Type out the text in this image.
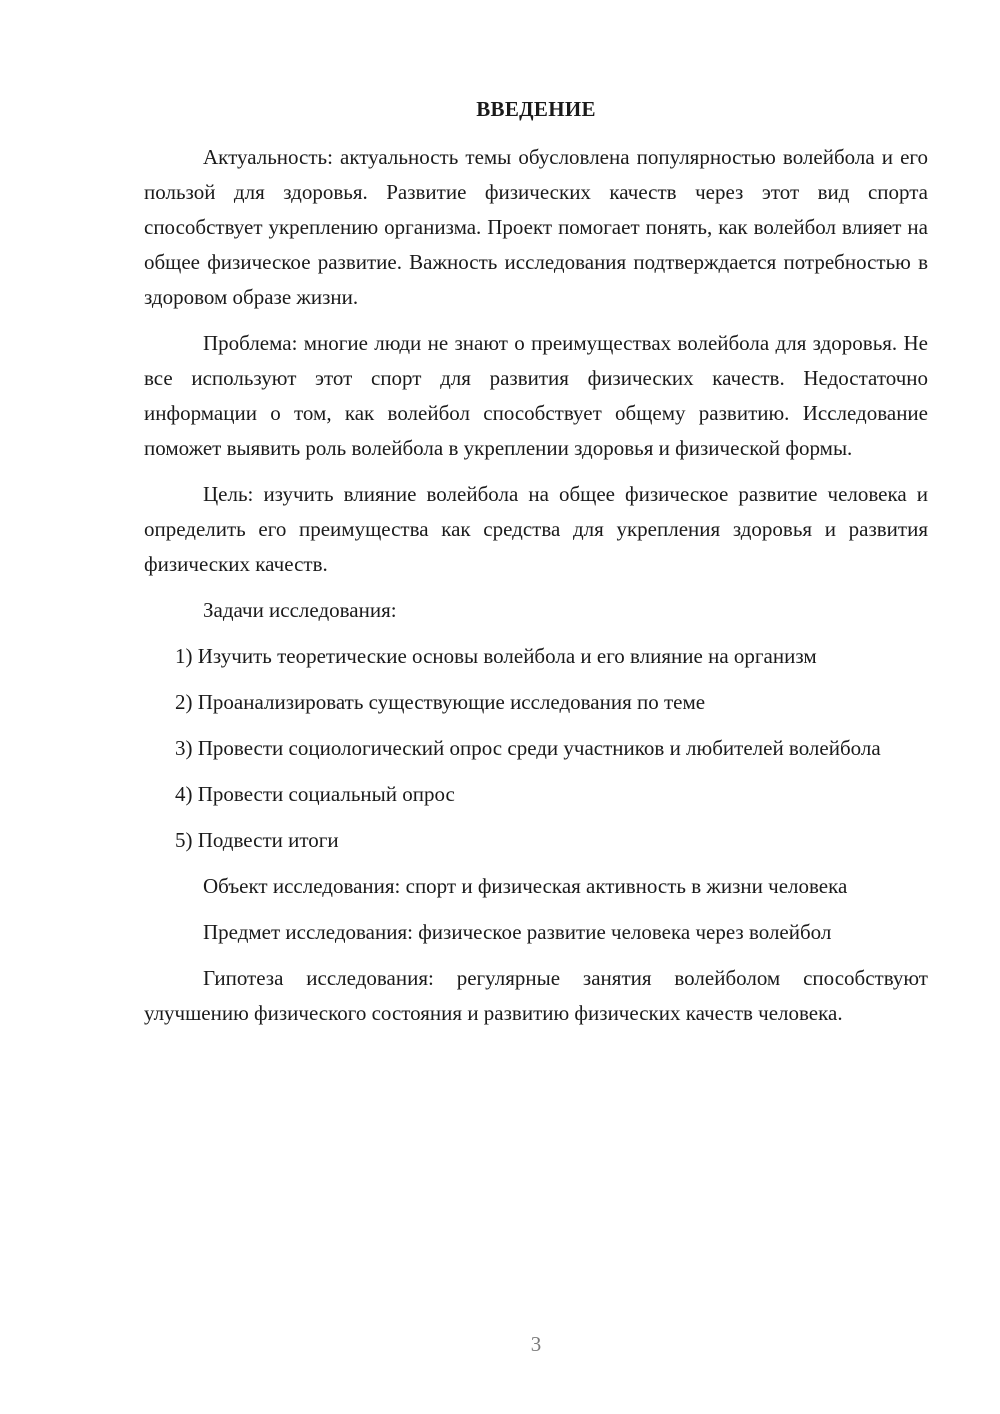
ВВЕДЕНИЕ

Актуальность: актуальность темы обусловлена популярностью волейбола и его пользой для здоровья. Развитие физических качеств через этот вид спорта способствует укреплению организма. Проект помогает понять, как волейбол влияет на общее физическое развитие. Важность исследования подтверждается потребностью в здоровом образе жизни.

Проблема: многие люди не знают о преимуществах волейбола для здоровья. Не все используют этот спорт для развития физических качеств. Недостаточно информации о том, как волейбол способствует общему развитию. Исследование поможет выявить роль волейбола в укреплении здоровья и физической формы.

Цель: изучить влияние волейбола на общее физическое развитие человека и определить его преимущества как средства для укрепления здоровья и развития физических качеств.

Задачи исследования:

1) Изучить теоретические основы волейбола и его влияние на организм

2) Проанализировать существующие исследования по теме

3) Провести социологический опрос среди участников и любителей волейбола

4) Провести социальный опрос

5) Подвести итоги

Объект исследования: спорт и физическая активность в жизни человека

Предмет исследования: физическое развитие человека через волейбол

Гипотеза исследования: регулярные занятия волейболом способствуют улучшению физического состояния и развитию физических качеств человека.

3
